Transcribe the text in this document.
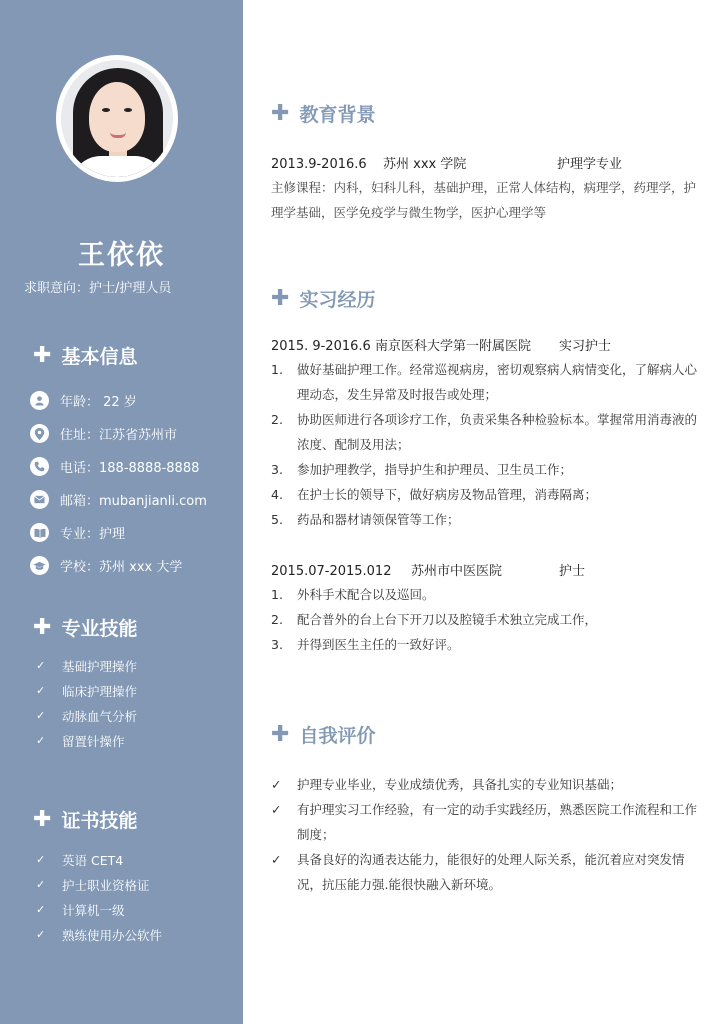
王依依
求职意向：护士/护理人员
✚ 基本信息
年龄： 22 岁
住址：江苏省苏州市
电话：188-8888-8888
邮箱：mubanjianli.com
专业：护理
学校：苏州 xxx 大学
✚ 专业技能
✓	基础护理操作
✓	临床护理操作
✓	动脉血气分析
✓	留置针操作
✚ 证书技能
✓	英语 CET4
✓	护士职业资格证
✓	计算机一级
✓	熟练使用办公软件
✚ 教育背景
2013.9-2016.6 苏州 xxx 学院	护理学专业
主修课程：内科，妇科儿科，基础护理，正常人体结构，病理学，药理学，护理学基础，医学免疫学与微生物学，医护心理学等
✚ 实习经历
2015. 9-2016.6 南京医科大学第一附属医院 实习护士
1.	做好基础护理工作。经常巡视病房，密切观察病人病情变化，了解病人心理动态，发生异常及时报告或处理；
2.	协助医师进行各项诊疗工作，负责采集各种检验标本。掌握常用消毒液的浓度、配制及用法；
3.	参加护理教学，指导护生和护理员、卫生员工作；
4.	在护士长的领导下，做好病房及物品管理，消毒隔离；
5.	药品和器材请领保管等工作；
2015.07-2015.012 苏州市中医医院	护士
1.	外科手术配合以及巡回。
2.	配合普外的台上台下开刀以及腔镜手术独立完成工作，
3.	并得到医生主任的一致好评。
✚ 自我评价
✓	护理专业毕业，专业成绩优秀，具备扎实的专业知识基础；
✓	有护理实习工作经验，有一定的动手实践经历，熟悉医院工作流程和工作制度；
✓	具备良好的沟通表达能力，能很好的处理人际关系，能沉着应对突发情况，抗压能力强.能很快融入新环境。
